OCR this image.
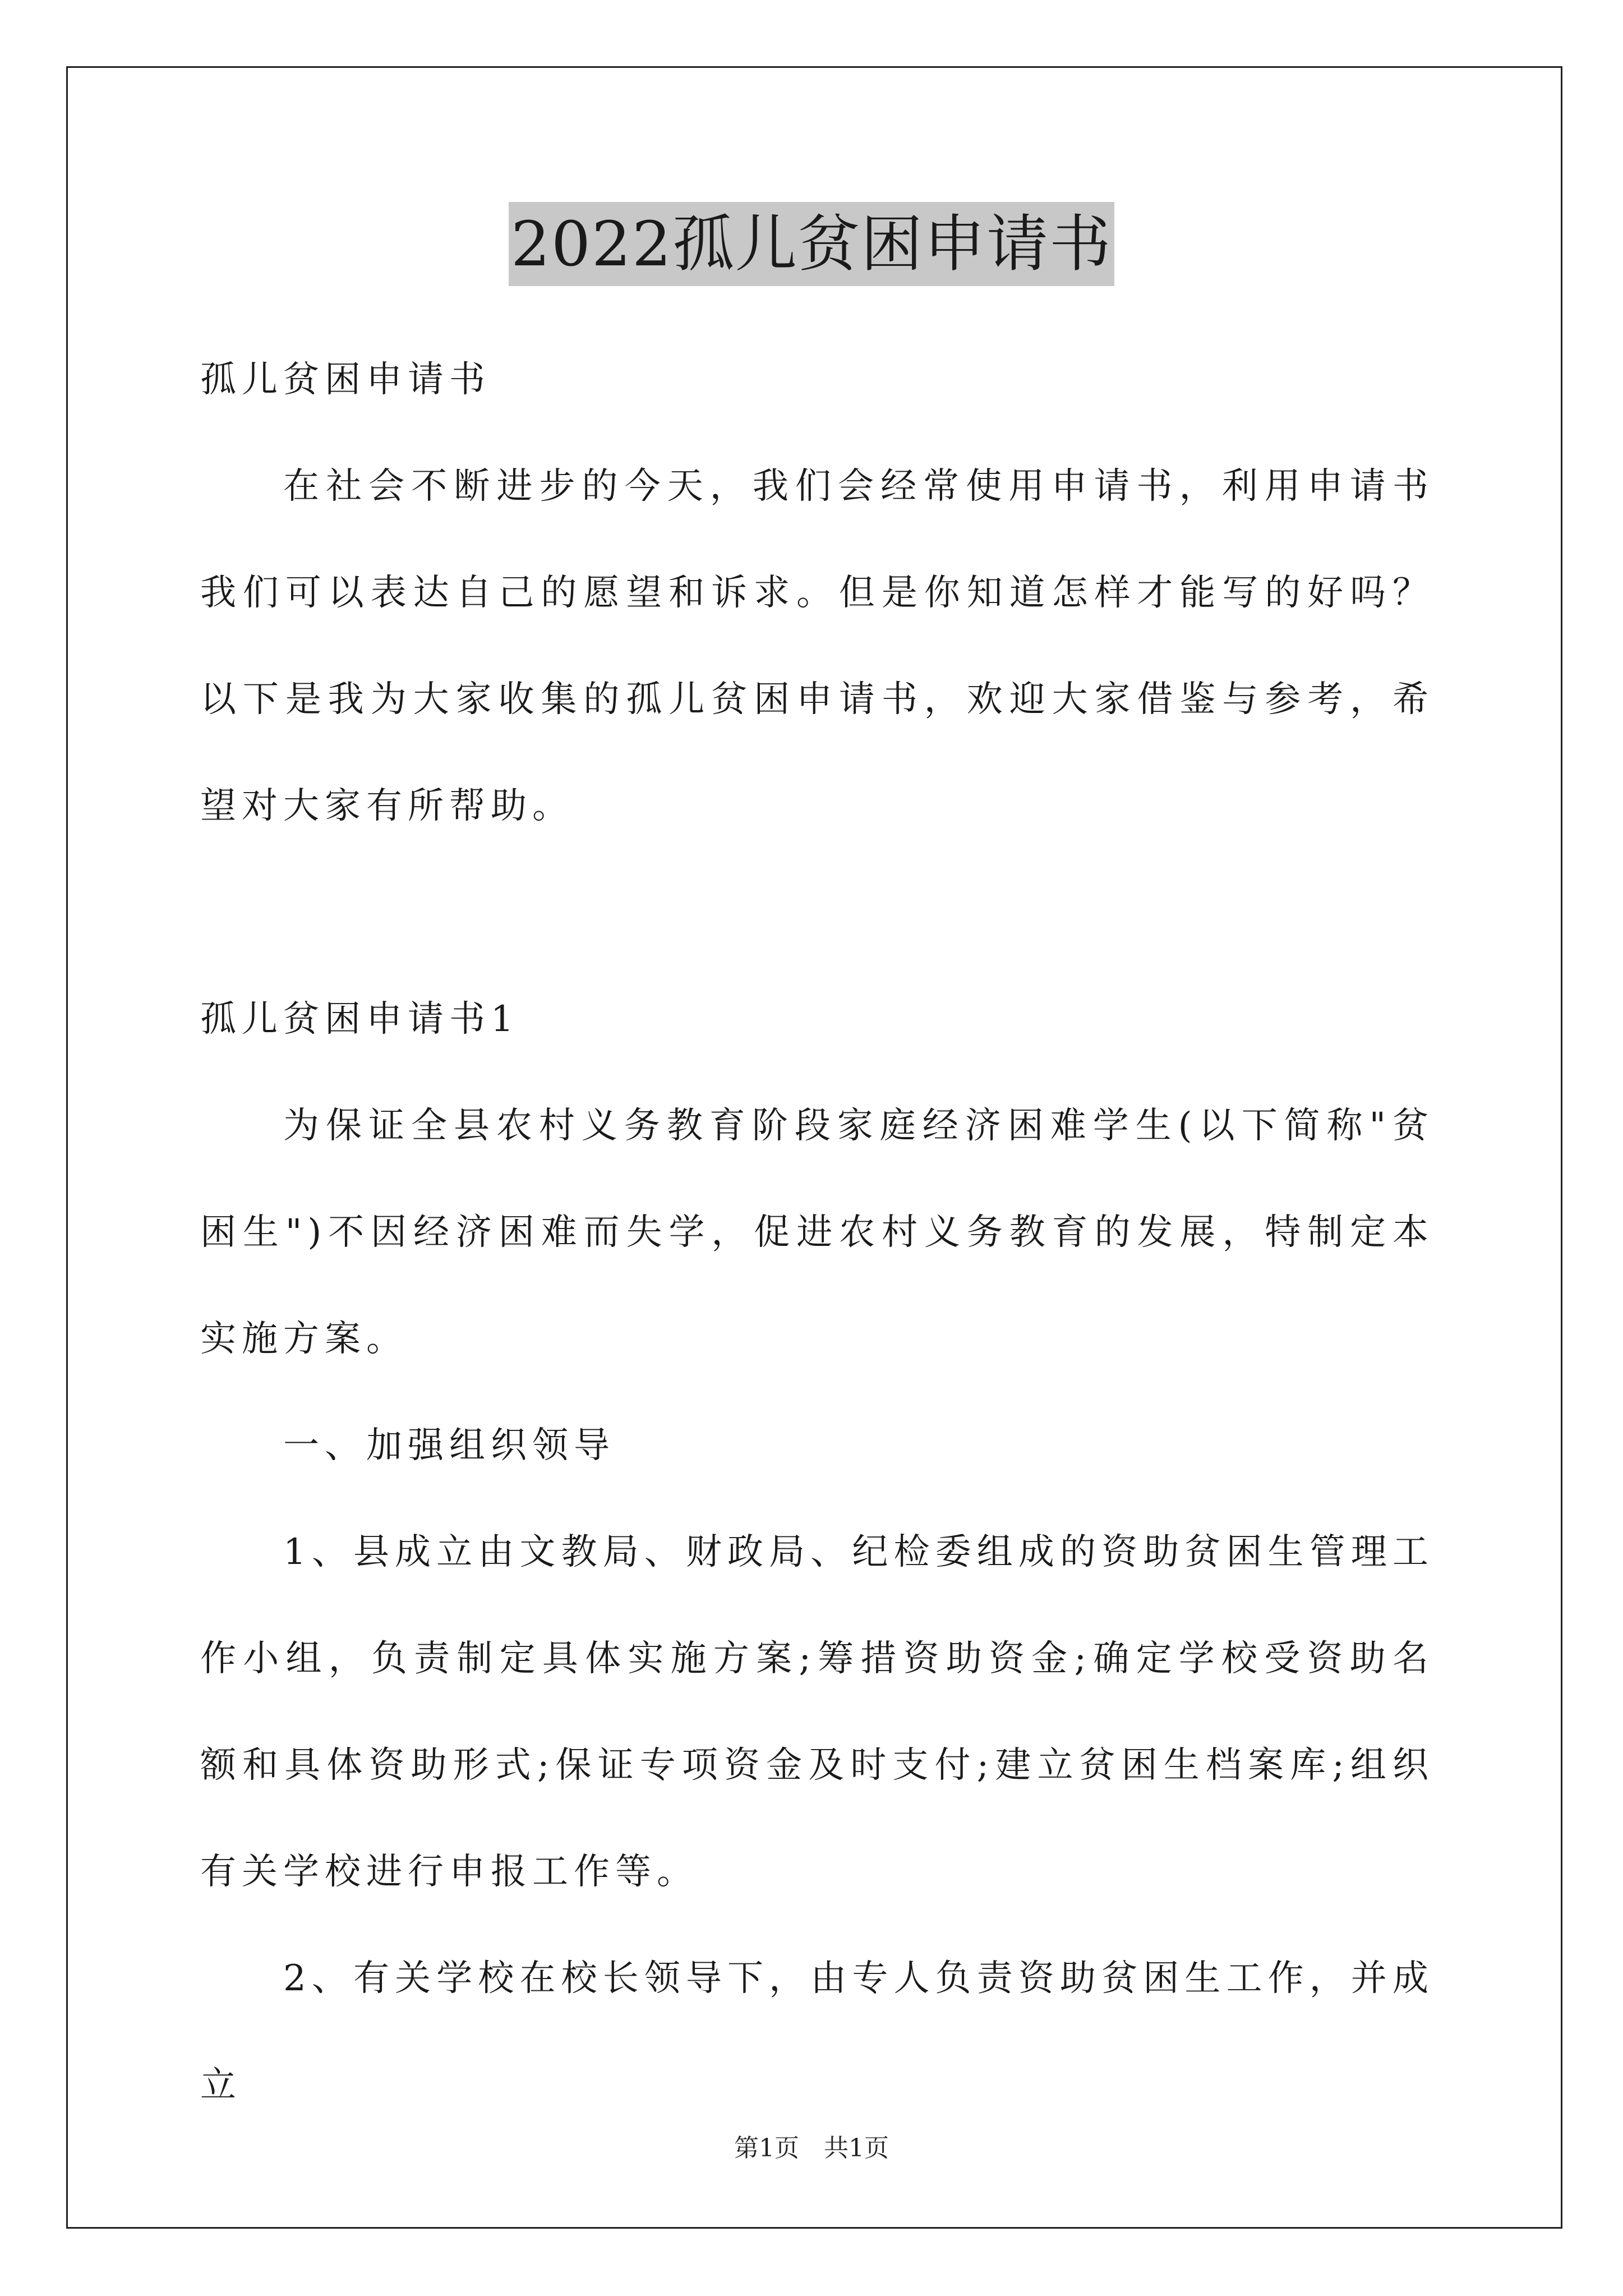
2022孤儿贫困申请书

孤儿贫困申请书

在社会不断进步的今天，我们会经常使用申请书，利用申请书我们可以表达自己的愿望和诉求。但是你知道怎样才能写的好吗？以下是我为大家收集的孤儿贫困申请书，欢迎大家借鉴与参考，希望对大家有所帮助。

孤儿贫困申请书1

为保证全县农村义务教育阶段家庭经济困难学生(以下简称"贫困生")不因经济困难而失学，促进农村义务教育的发展，特制定本实施方案。

一、加强组织领导

1、县成立由文教局、财政局、纪检委组成的资助贫困生管理工作小组，负责制定具体实施方案;筹措资助资金;确定学校受资助名额和具体资助形式;保证专项资金及时支付;建立贫困生档案库;组织有关学校进行申报工作等。

2、有关学校在校长领导下，由专人负责资助贫困生工作，并成立

第1页　共1页
